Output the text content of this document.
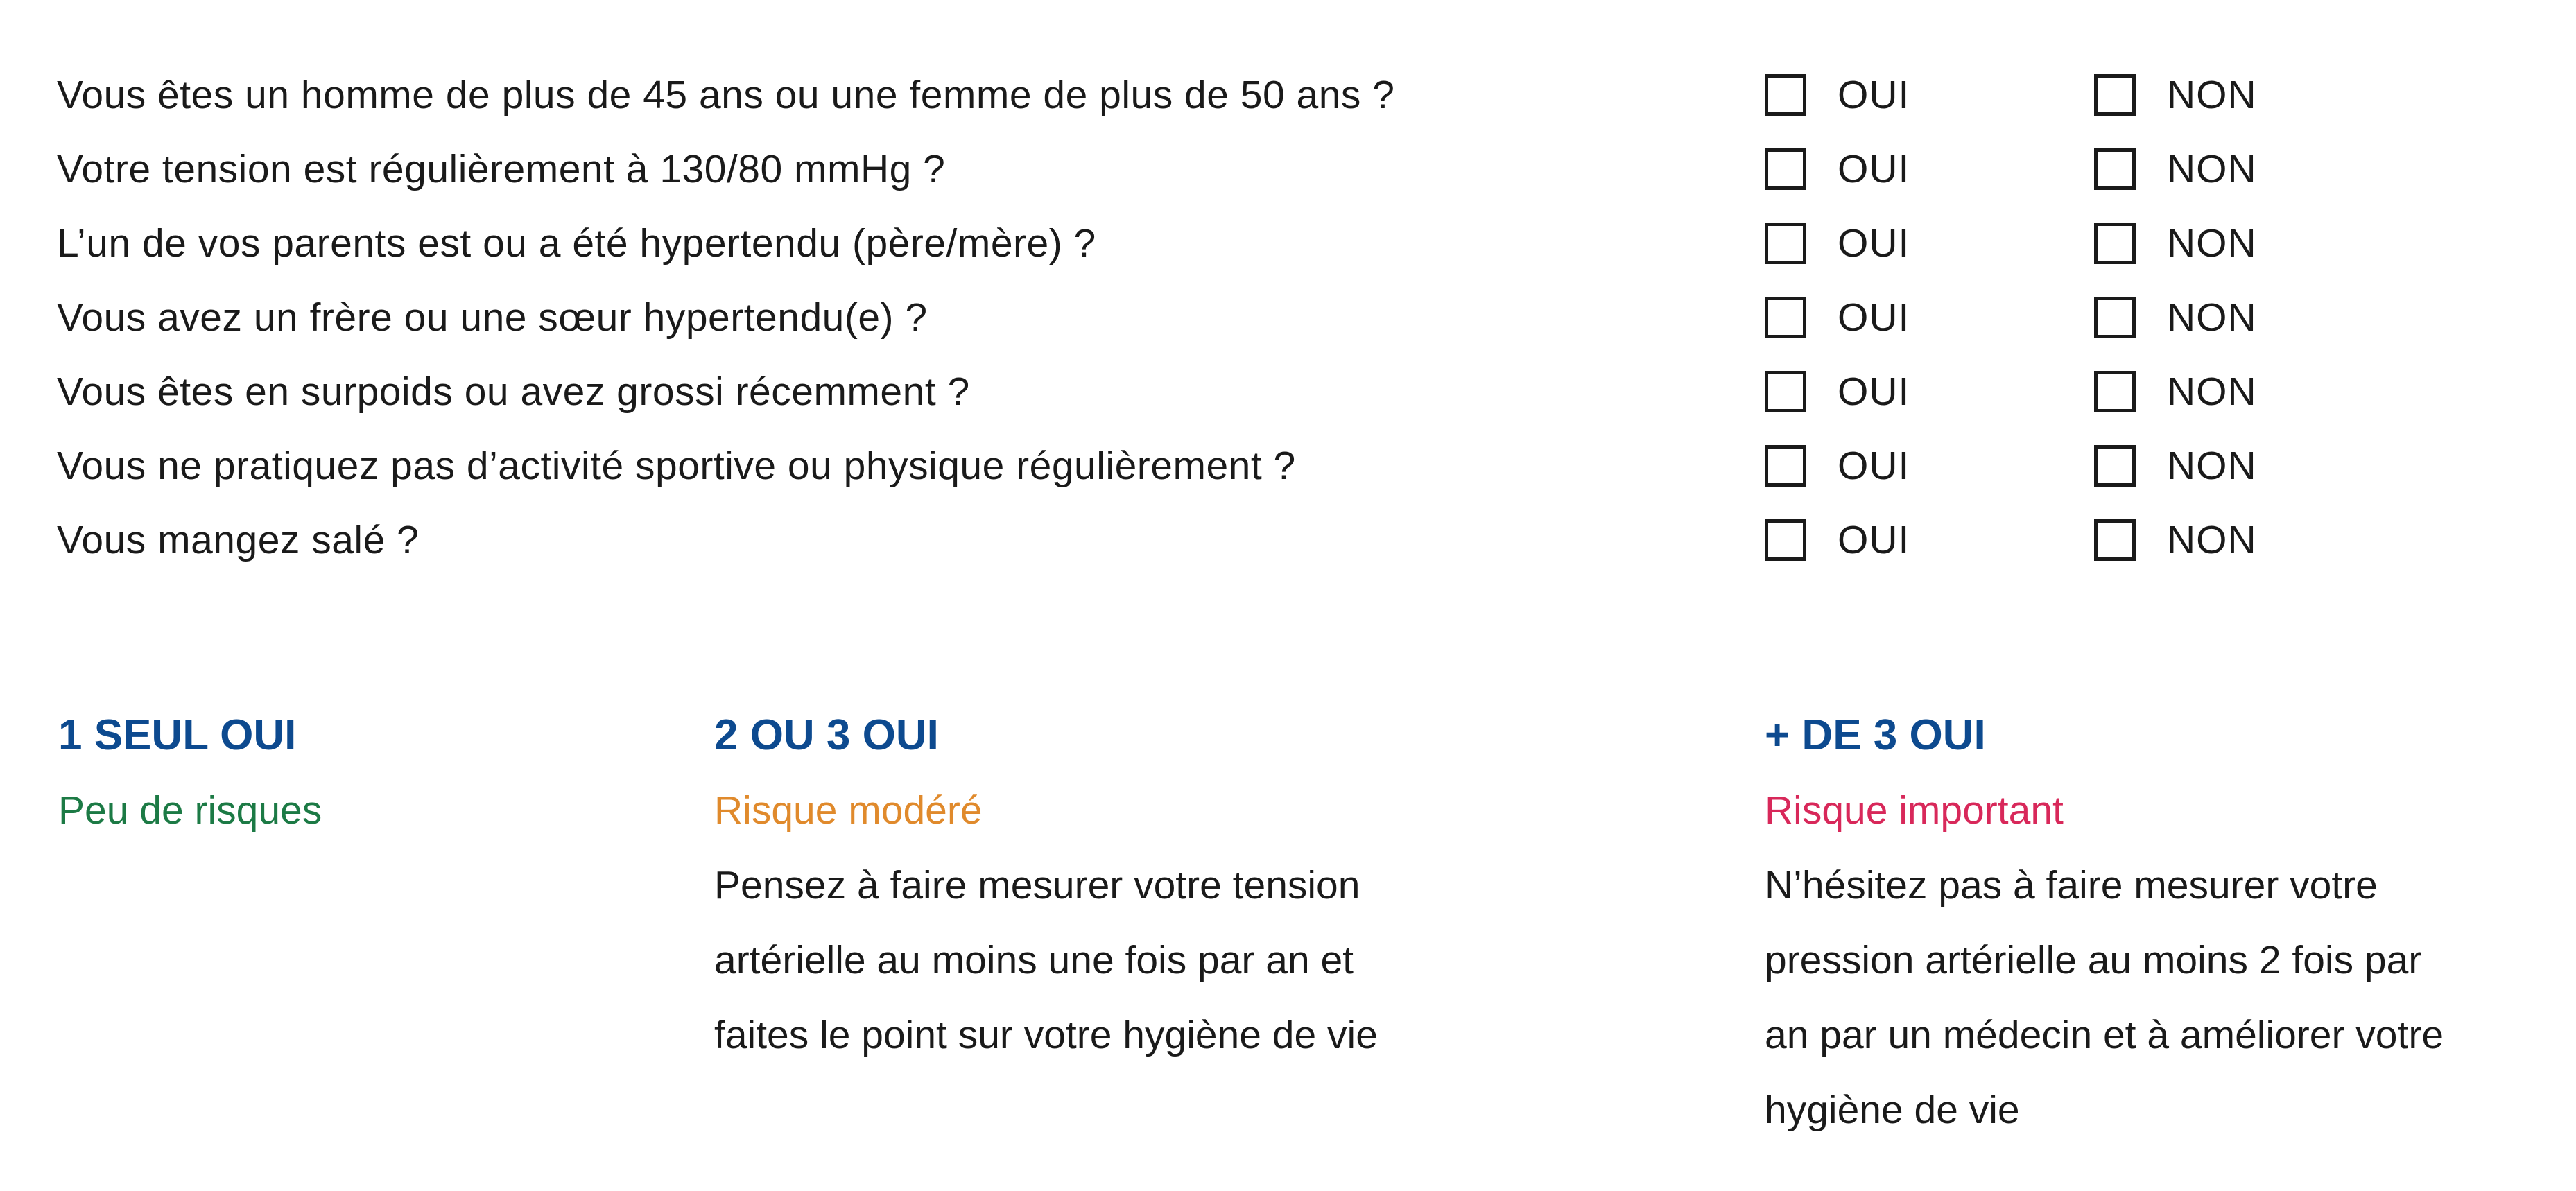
Vous êtes un homme de plus de 45 ans ou une femme de plus de 50 ans ?	OUI	NON
Votre tension est régulièrement à 130/80 mmHg ?	OUI	NON
L’un de vos parents est ou a été hypertendu (père/mère) ?	OUI	NON
Vous avez un frère ou une sœur hypertendu(e) ?	OUI	NON
Vous êtes en surpoids ou avez grossi récemment ?	OUI	NON
Vous ne pratiquez pas d’activité sportive ou physique régulièrement ?	OUI	NON
Vous mangez salé ?	OUI	NON
1 SEUL OUI
Peu de risques
2 OU 3 OUI
Risque modéré
Pensez à faire mesurer votre tension
artérielle au moins une fois par an et
faites le point sur votre hygiène de vie
+ DE 3 OUI
Risque important
N’hésitez pas à faire mesurer votre
pression artérielle au moins 2 fois par
an par un médecin et à améliorer votre
hygiène de vie
